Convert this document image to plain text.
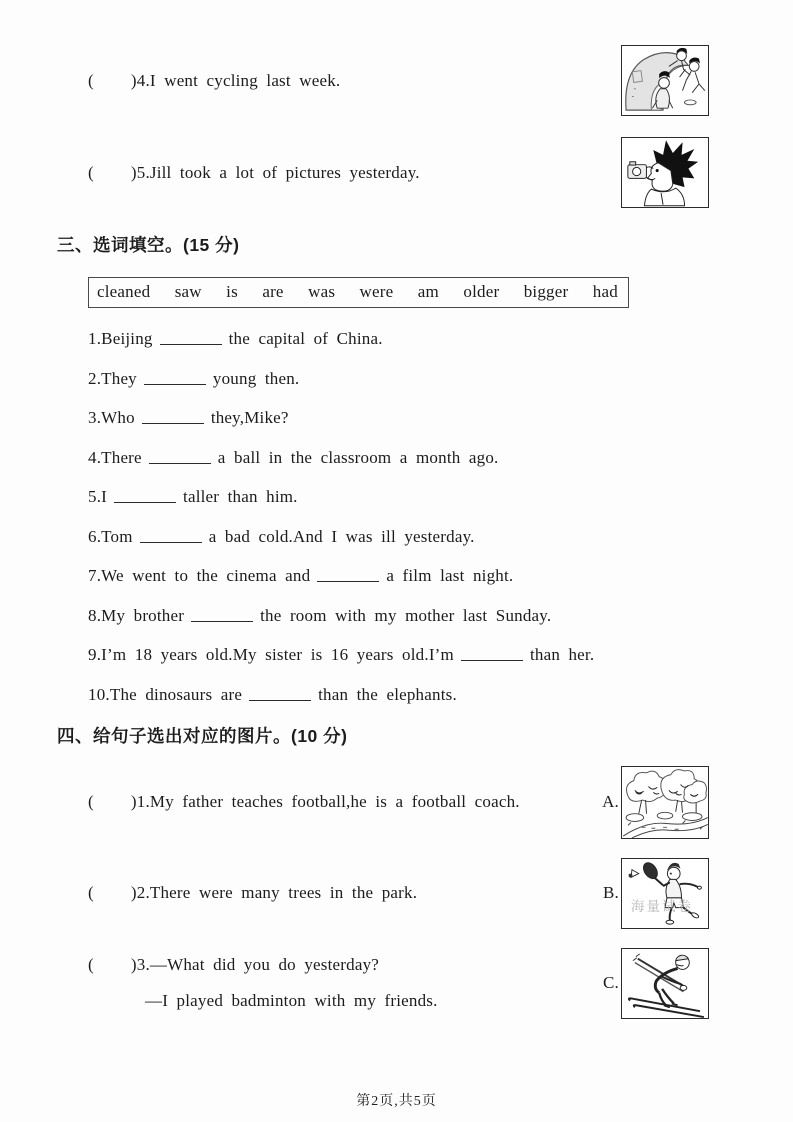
( )4.I went cycling last week.
( )5.Jill took a lot of pictures yesterday.
三、选词填空。(15 分)
cleaned saw is are was were am older bigger had
1.Beijing	the capital of China.
2.They	young then.
3.Who	they,Mike?
4.There	a ball in the classroom a month ago.
5.I	taller than him.
6.Tom	a bad cold.And I was ill yesterday.
7.We went to the cinema and	a film last night.
8.My brother	the room with my mother last Sunday.
9.I’m 18 years old.My sister is 16 years old.I’m	than her.
10.The dinosaurs are	than the elephants.
四、给句子选出对应的图片。(10 分)
( )1.My father teaches football,he is a football coach.	A.
( )2.There were many trees in the park.	B.
海量试卷
( )3.—What did you do yesterday?
—I played badminton with my friends.
C.
第2页,共5页
